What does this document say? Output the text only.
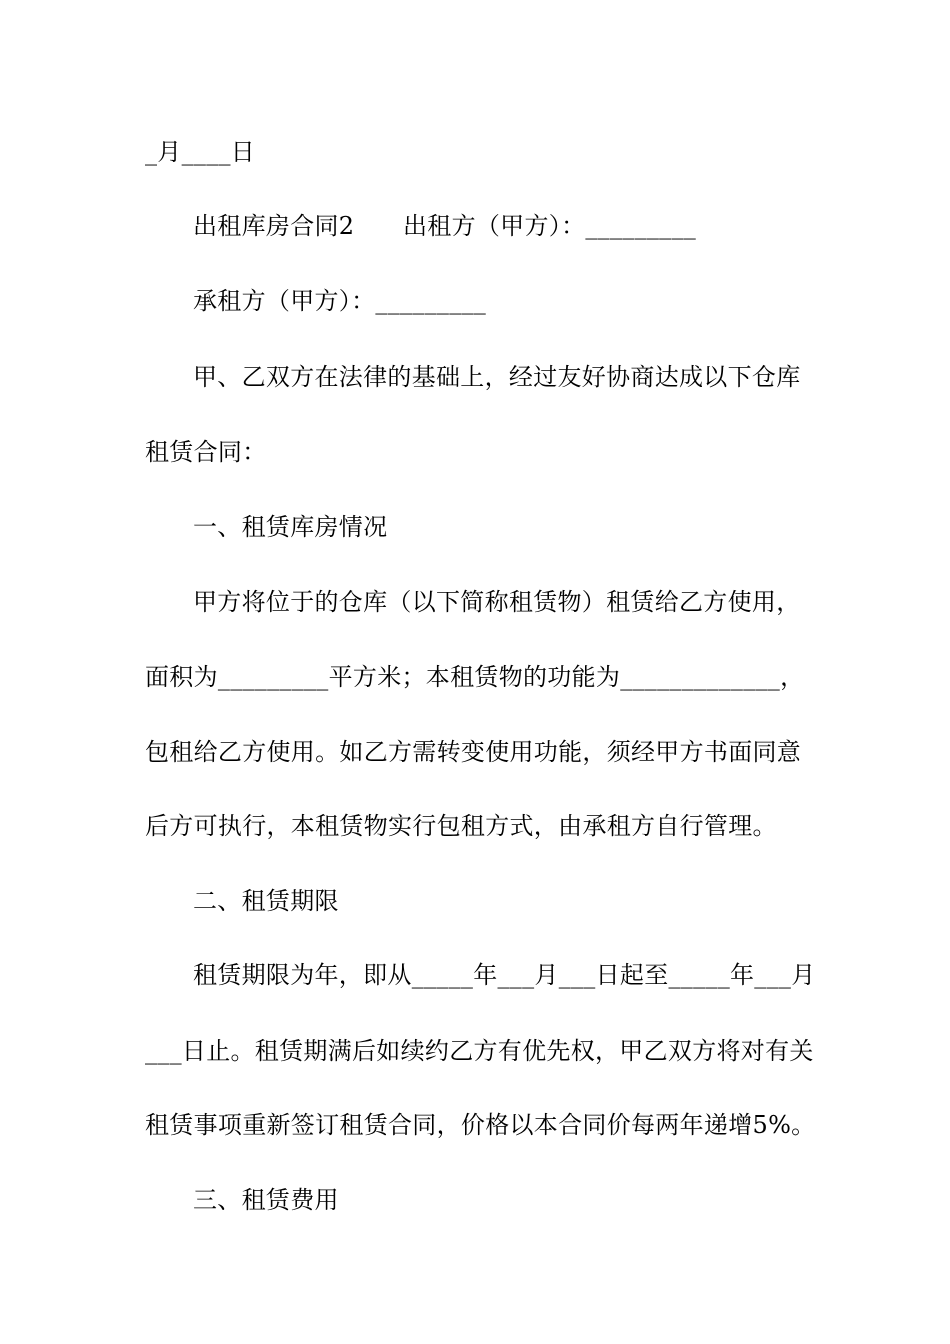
_月____日
出租库房合同2　　出租方（甲方）：_________
承租方（甲方）：_________
甲、乙双方在法律的基础上，经过友好协商达成以下仓库
租赁合同：
一、租赁库房情况
甲方将位于的仓库（以下简称租赁物）租赁给乙方使用，
面积为_________平方米；本租赁物的功能为_____________，
包租给乙方使用。如乙方需转变使用功能，须经甲方书面同意
后方可执行，本租赁物实行包租方式，由承租方自行管理。
二、租赁期限
租赁期限为年，即从_____年___月___日起至_____年___月
___日止。租赁期满后如续约乙方有优先权，甲乙双方将对有关
租赁事项重新签订租赁合同，价格以本合同价每两年递增5%。
三、租赁费用
